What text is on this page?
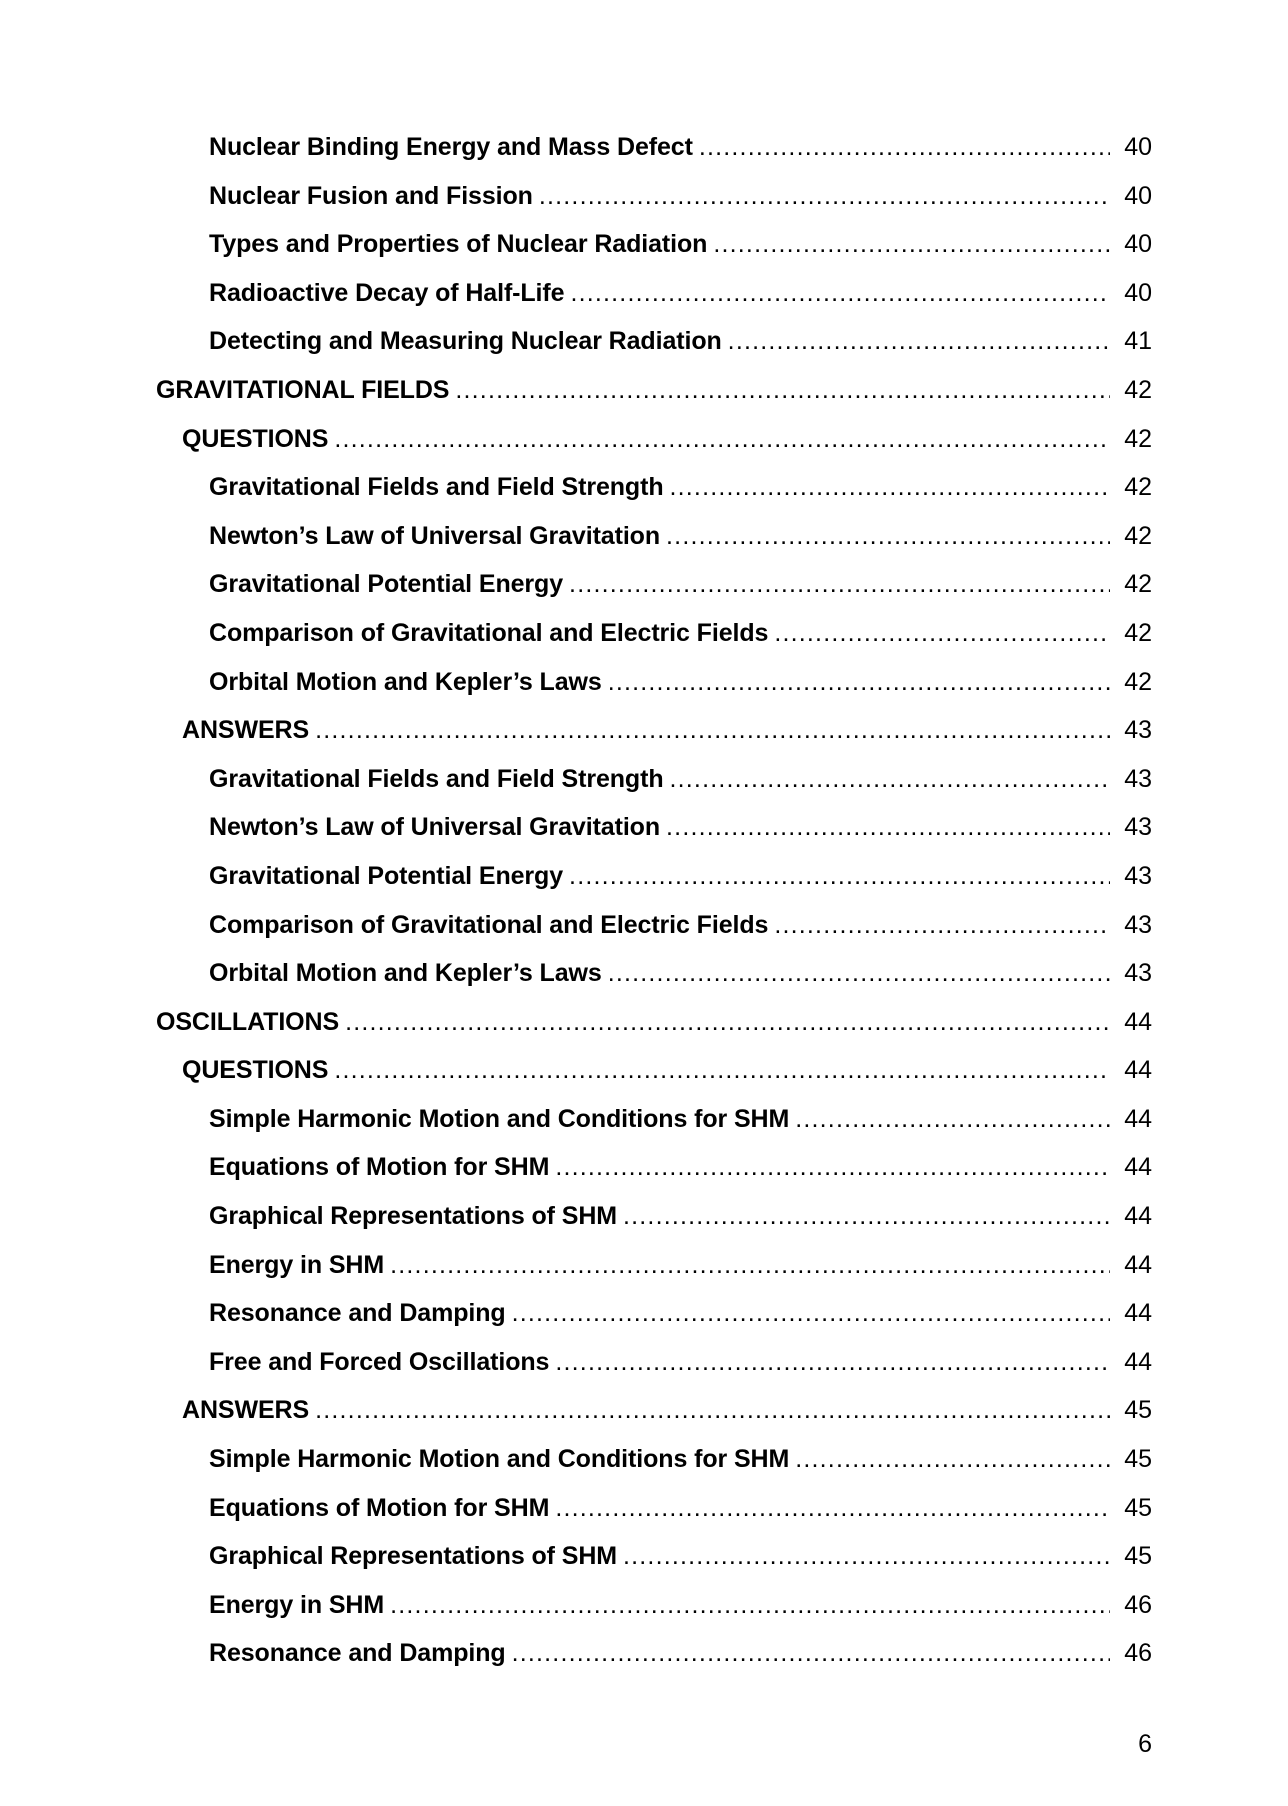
Nuclear Binding Energy and Mass Defect .....	40
Nuclear Fusion and Fission .....	40
Types and Properties of Nuclear Radiation .....	40
Radioactive Decay of Half-Life .....	40
Detecting and Measuring Nuclear Radiation .....	41
GRAVITATIONAL FIELDS .....	42
QUESTIONS .....	42
Gravitational Fields and Field Strength .....	42
Newton’s Law of Universal Gravitation .....	42
Gravitational Potential Energy .....	42
Comparison of Gravitational and Electric Fields .....	42
Orbital Motion and Kepler’s Laws .....	42
ANSWERS .....	43
Gravitational Fields and Field Strength .....	43
Newton’s Law of Universal Gravitation .....	43
Gravitational Potential Energy .....	43
Comparison of Gravitational and Electric Fields .....	43
Orbital Motion and Kepler’s Laws .....	43
OSCILLATIONS .....	44
QUESTIONS .....	44
Simple Harmonic Motion and Conditions for SHM .....	44
Equations of Motion for SHM .....	44
Graphical Representations of SHM .....	44
Energy in SHM .....	44
Resonance and Damping .....	44
Free and Forced Oscillations .....	44
ANSWERS .....	45
Simple Harmonic Motion and Conditions for SHM .....	45
Equations of Motion for SHM .....	45
Graphical Representations of SHM .....	45
Energy in SHM .....	46
Resonance and Damping .....	46
6
